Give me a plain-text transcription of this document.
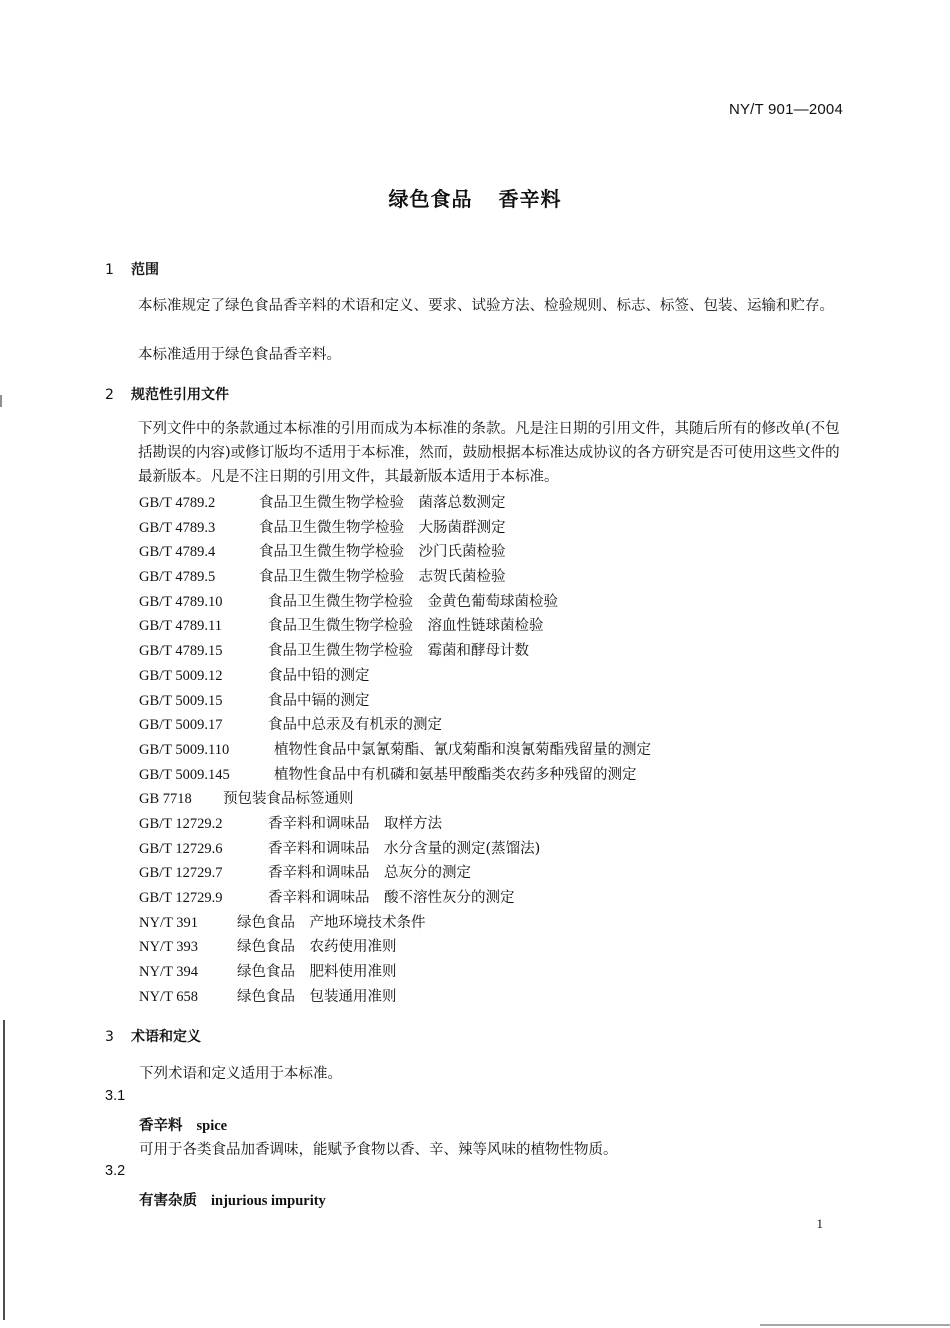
NY/T 901—2004
绿色食品 香辛料
1 范围
本标准规定了绿色食品香辛料的术语和定义、要求、试验方法、检验规则、标志、标签、包装、运输和贮存。
本标准适用于绿色食品香辛料。
2 规范性引用文件
下列文件中的条款通过本标准的引用而成为本标准的条款。凡是注日期的引用文件，其随后所有的修改单(不包括勘误的内容)或修订版均不适用于本标准，然而，鼓励根据本标准达成协议的各方研究是否可使用这些文件的最新版本。凡是不注日期的引用文件，其最新版本适用于本标准。
GB/T 4789.2	食品卫生微生物学检验　菌落总数测定
GB/T 4789.3	食品卫生微生物学检验　大肠菌群测定
GB/T 4789.4	食品卫生微生物学检验　沙门氏菌检验
GB/T 4789.5	食品卫生微生物学检验　志贺氏菌检验
GB/T 4789.10	食品卫生微生物学检验　金黄色葡萄球菌检验
GB/T 4789.11	食品卫生微生物学检验　溶血性链球菌检验
GB/T 4789.15	食品卫生微生物学检验　霉菌和酵母计数
GB/T 5009.12	食品中铅的测定
GB/T 5009.15	食品中镉的测定
GB/T 5009.17	食品中总汞及有机汞的测定
GB/T 5009.110	植物性食品中氯氰菊酯、氰戊菊酯和溴氰菊酯残留量的测定
GB/T 5009.145	植物性食品中有机磷和氨基甲酸酯类农药多种残留的测定
GB 7718 预包装食品标签通则
GB/T 12729.2	香辛料和调味品　取样方法
GB/T 12729.6	香辛料和调味品　水分含量的测定(蒸馏法)
GB/T 12729.7	香辛料和调味品　总灰分的测定
GB/T 12729.9	香辛料和调味品　酸不溶性灰分的测定
NY/T 391	绿色食品　产地环境技术条件
NY/T 393	绿色食品　农药使用准则
NY/T 394	绿色食品　肥料使用准则
NY/T 658	绿色食品　包装通用准则
3 术语和定义
下列术语和定义适用于本标准。
3.1
香辛料 spice
可用于各类食品加香调味，能赋予食物以香、辛、辣等风味的植物性物质。
3.2
有害杂质 injurious impurity
1
